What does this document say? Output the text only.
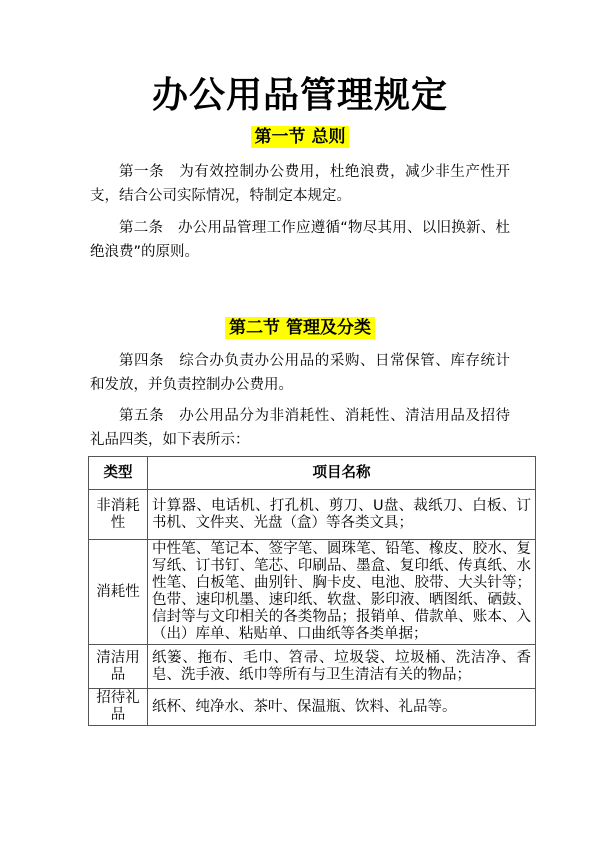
办公用品管理规定
第一节 总则

第一条　为有效控制办公费用，杜绝浪费，减少非生产性开支，结合公司实际情况，特制定本规定。

第二条　办公用品管理工作应遵循“物尽其用、以旧换新、杜绝浪费”的原则。

第二节 管理及分类

第四条　综合办负责办公用品的采购、日常保管、库存统计和发放，并负责控制办公费用。

第五条　办公用品分为非消耗性、消耗性、清洁用品及招待礼品四类，如下表所示：

类型	项目名称
非消耗性	计算器、电话机、打孔机、剪刀、U盘、裁纸刀、白板、订书机、文件夹、光盘（盒）等各类文具；
消耗性	中性笔、笔记本、签字笔、圆珠笔、铅笔、橡皮、胶水、复写纸、订书钉、笔芯、印刷品、墨盒、复印纸、传真纸、水性笔、白板笔、曲别针、胸卡皮、电池、胶带、大头针等；色带、速印机墨、速印纸、软盘、影印液、晒图纸、硒鼓、信封等与文印相关的各类物品；报销单、借款单、账本、入（出）库单、粘贴单、口曲纸等各类单据；
清洁用品	纸篓、拖布、毛巾、笤帚、垃圾袋、垃圾桶、洗洁净、香皂、洗手液、纸巾等所有与卫生清洁有关的物品；
招待礼品	纸杯、纯净水、茶叶、保温瓶、饮料、礼品等。
